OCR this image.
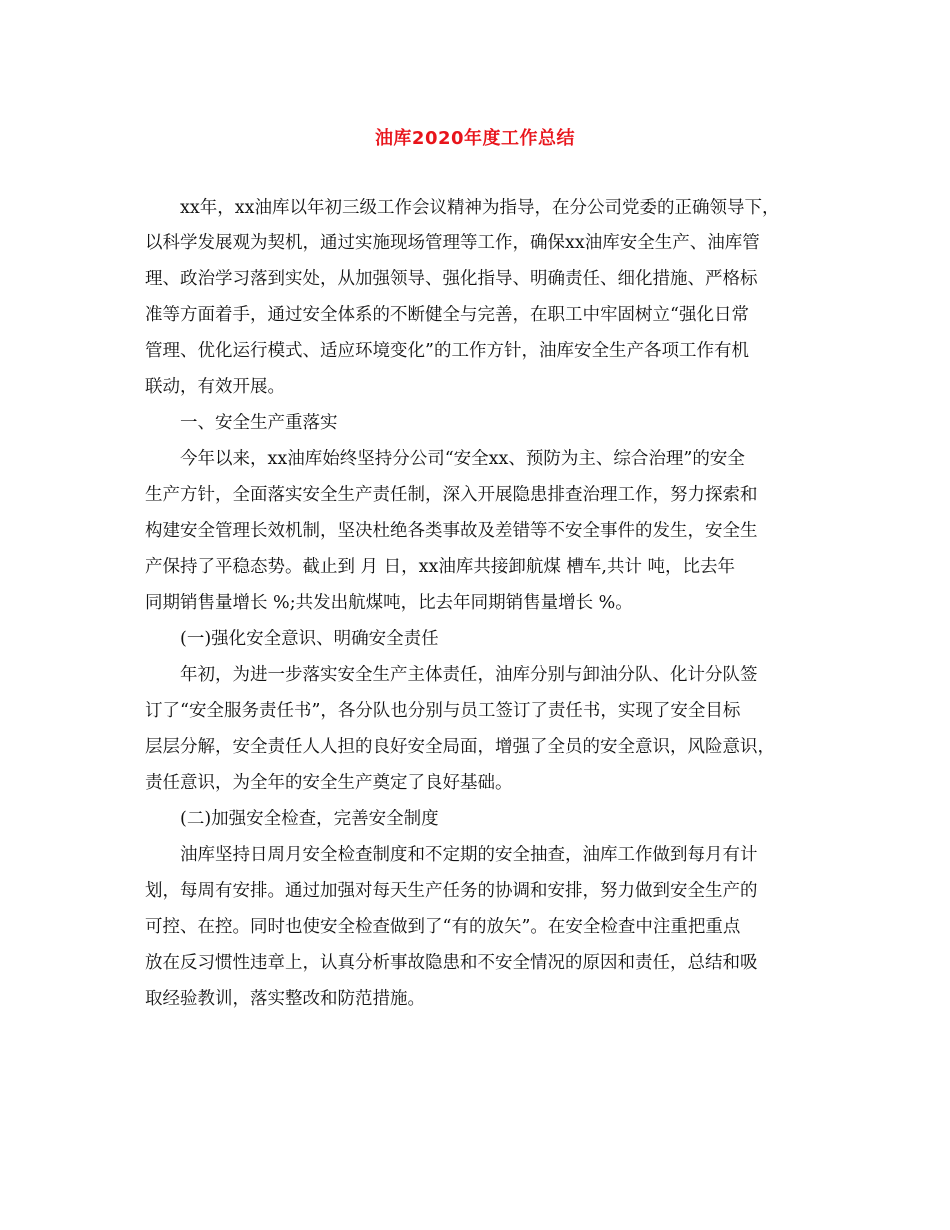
油库2020年度工作总结
xx年，xx油库以年初三级工作会议精神为指导，在分公司党委的正确领导下，
以科学发展观为契机，通过实施现场管理等工作，确保xx油库安全生产、油库管
理、政治学习落到实处，从加强领导、强化指导、明确责任、细化措施、严格标
准等方面着手，通过安全体系的不断健全与完善，在职工中牢固树立“强化日常
管理、优化运行模式、适应环境变化”的工作方针，油库安全生产各项工作有机
联动，有效开展。
一、安全生产重落实
今年以来，xx油库始终坚持分公司“安全xx、预防为主、综合治理”的安全
生产方针，全面落实安全生产责任制，深入开展隐患排查治理工作，努力探索和
构建安全管理长效机制，坚决杜绝各类事故及差错等不安全事件的发生，安全生
产保持了平稳态势。截止到 月 日，xx油库共接卸航煤 槽车,共计 吨，比去年
同期销售量增长 %;共发出航煤吨，比去年同期销售量增长 %。
(一)强化安全意识、明确安全责任
年初，为进一步落实安全生产主体责任，油库分别与卸油分队、化计分队签
订了“安全服务责任书”，各分队也分别与员工签订了责任书，实现了安全目标
层层分解，安全责任人人担的良好安全局面，增强了全员的安全意识，风险意识，
责任意识，为全年的安全生产奠定了良好基础。
(二)加强安全检查，完善安全制度
油库坚持日周月安全检查制度和不定期的安全抽查，油库工作做到每月有计
划，每周有安排。通过加强对每天生产任务的协调和安排，努力做到安全生产的
可控、在控。同时也使安全检查做到了“有的放矢”。在安全检查中注重把重点
放在反习惯性违章上，认真分析事故隐患和不安全情况的原因和责任，总结和吸
取经验教训，落实整改和防范措施。
